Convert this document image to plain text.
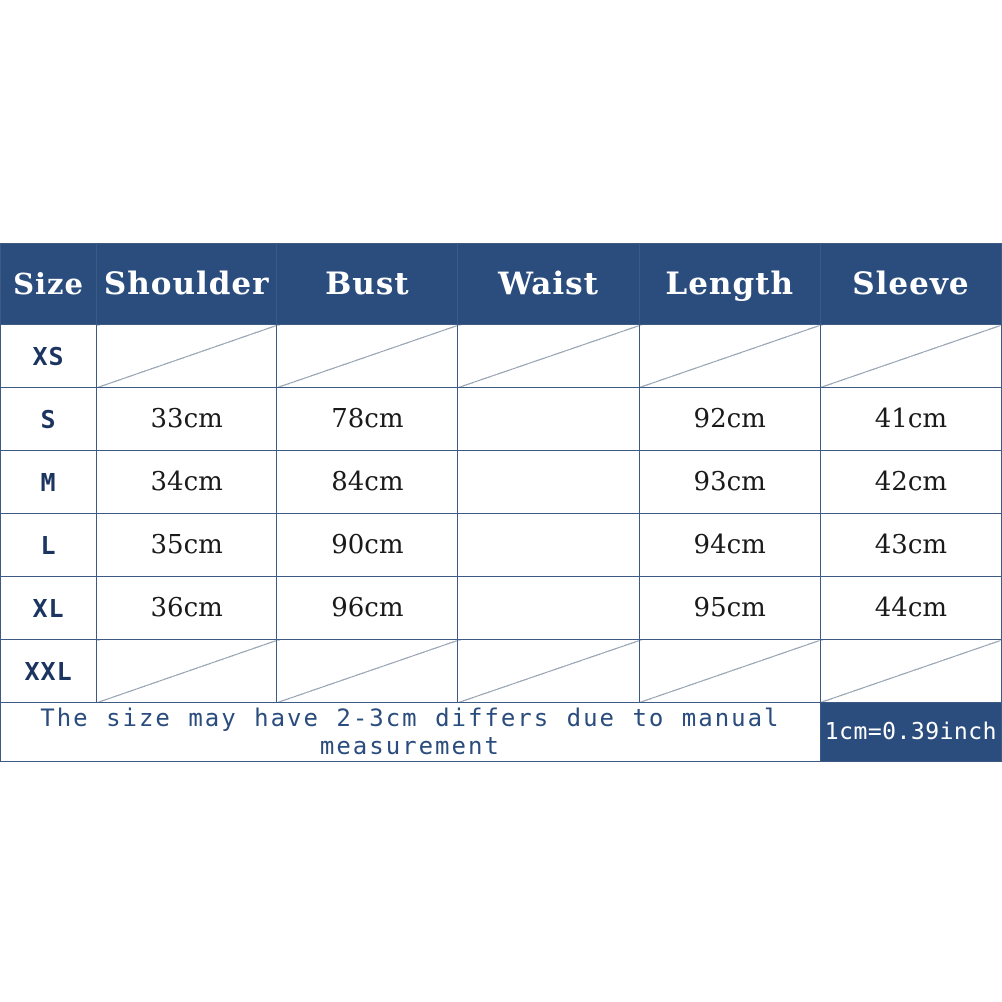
Size	Shoulder	Bust	Waist	Length	Sleeve
XS					
S	33cm	78cm		92cm	41cm
M	34cm	84cm		93cm	42cm
L	35cm	90cm		94cm	43cm
XL	36cm	96cm		95cm	44cm
XXL					

The size may have 2-3cm differs due to manual measurement					1cm=0.39inch
